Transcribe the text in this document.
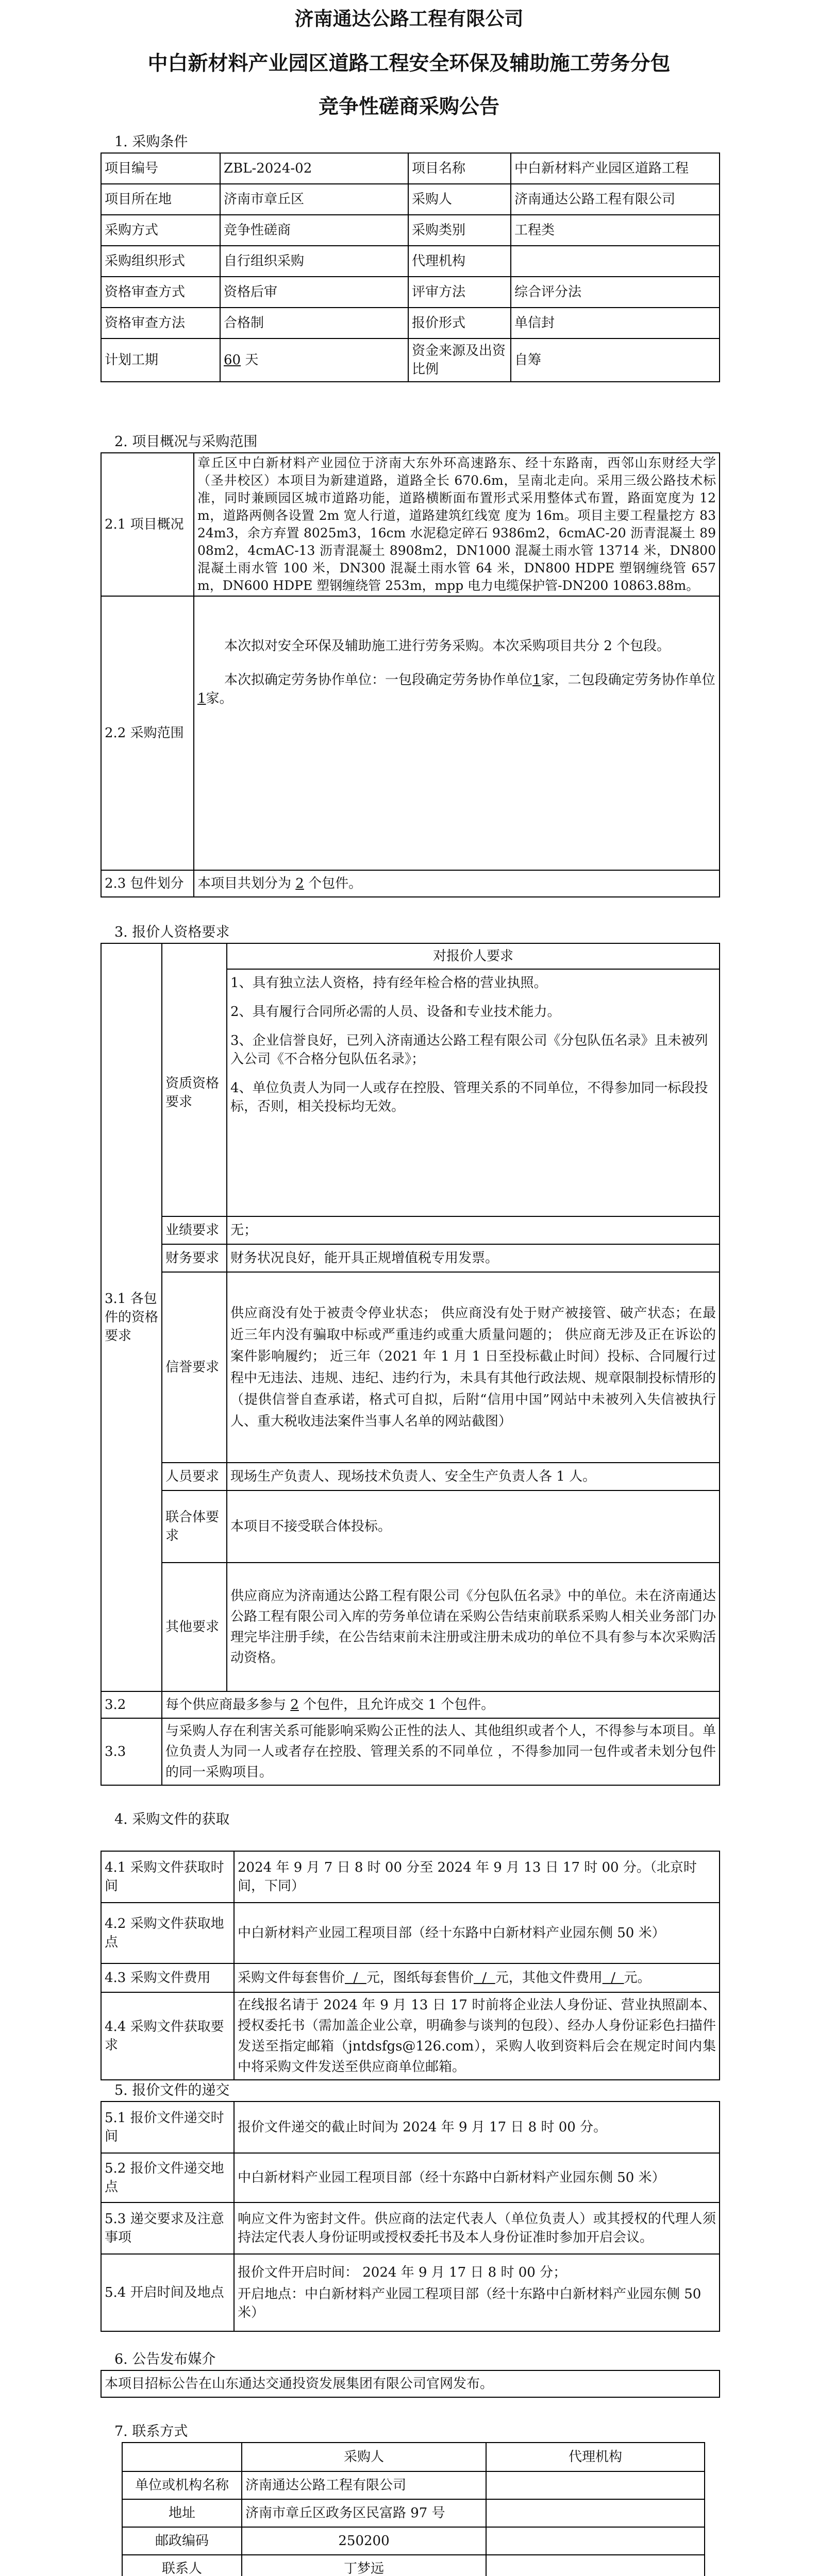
济南通达公路工程有限公司

中白新材料产业园区道路工程安全环保及辅助施工劳务分包

竞争性磋商采购公告

1. 采购条件

项目编号	ZBL-2024-02	项目名称	中白新材料产业园区道路工程
项目所在地	济南市章丘区	采购人	济南通达公路工程有限公司
采购方式	竞争性磋商	采购类别	工程类
采购组织形式	自行组织采购	代理机构	
资格审查方式	资格后审	评审方法	综合评分法
资格审查方法	合格制	报价形式	单信封
计划工期	60 天	资金来源及出资比例	自筹

2. 项目概况与采购范围

2.1 项目概况	章丘区中白新材料产业园位于济南大东外环高速路东、经十东路南，西邻山东财经大学 （圣井校区）本项目为新建道路，道路全长 670.6m，呈南北走向。采用三级公路技术标准，同时兼顾园区城市道路功能，道路横断面布置形式采用整体式布置，路面宽度为 12m，道路两侧各设置 2m 宽人行道，道路建筑红线宽 度为 16m。项目主要工程量挖方 8324m3，余方弃置 8025m3，16cm 水泥稳定碎石 9386m2，6cmAC-20 沥青混凝土 8908m2，4cmAC-13 沥青混凝土 8908m2，DN1000 混凝土雨水管 13714 米，DN800 混凝土雨水管 100 米，DN300 混凝土雨水管 64 米，DN800 HDPE 塑钢缠绕管 657m，DN600 HDPE 塑钢缠绕管 253m，mpp 电力电缆保护管-DN200 10863.88m。
2.2 采购范围	本次拟对安全环保及辅助施工进行劳务采购。本次采购项目共分 2 个包段。
本次拟确定劳务协作单位：一包段确定劳务协作单位1家，二包段确定劳务协作单位1家。

2.3 包件划分	本项目共划分为 2 个包件。

3. 报价人资格要求

3.1 各包件的资格要求		对报价人要求
	资质资格要求	1、具有独立法人资格，持有经年检合格的营业执照。
2、具有履行合同所必需的人员、设备和专业技术能力。
3、企业信誉良好，已列入济南通达公路工程有限公司《分包队伍名录》且未被列入公司《不合格分包队伍名录》；
4、单位负责人为同一人或存在控股、管理关系的不同单位，不得参加同一标段投标，否则，相关投标均无效。

	业绩要求	无；
	财务要求	财务状况良好，能开具正规增值税专用发票。
	信誉要求	供应商没有处于被责令停业状态； 供应商没有处于财产被接管、破产状态；在最近三年内没有骗取中标或严重违约或重大质量问题的； 供应商无涉及正在诉讼的案件影响履约； 近三年（2021 年 1 月 1 日至投标截止时间）投标、合同履行过程中无违法、违规、违纪、违约行为，未具有其他行政法规、规章限制投标情形的（提供信誉自查承诺，格式可自拟，后附“信用中国”网站中未被列入失信被执行人、重大税收违法案件当事人名单的网站截图）
	人员要求	现场生产负责人、现场技术负责人、安全生产负责人各 1 人。
	联合体要求	本项目不接受联合体投标。
	其他要求	供应商应为济南通达公路工程有限公司《分包队伍名录》中的单位。未在济南通达公路工程有限公司入库的劳务单位请在采购公告结束前联系采购人相关业务部门办理完毕注册手续，在公告结束前未注册或注册未成功的单位不具有参与本次采购活动资格。
3.2	每个供应商最多参与 2 个包件，且允许成交 1 个包件。	
3.3	与采购人存在利害关系可能影响采购公正性的法人、其他组织或者个人，不得参与本项目。单位负责人为同一人或者存在控股、管理关系的不同单位 ，不得参加同一包件或者未划分包件的同一采购项目。	

4. 采购文件的获取

4.1 采购文件获取时间	2024 年 9 月 7 日 8 时 00 分至 2024 年 9 月 13 日 17 时 00 分。（北京时间，下同）
4.2 采购文件获取地点	中白新材料产业园工程项目部（经十东路中白新材料产业园东侧 50 米）
4.3 采购文件费用	采购文件每套售价 / 元，图纸每套售价 / 元，其他文件费用 / 元。
4.4 采购文件获取要求	在线报名请于 2024 年 9 月 13 日 17 时前将企业法人身份证、营业执照副本、授权委托书（需加盖企业公章，明确参与谈判的包段）、经办人身份证彩色扫描件发送至指定邮箱（jntdsfgs@126.com），采购人收到资料后会在规定时间内集中将采购文件发送至供应商单位邮箱。

5. 报价文件的递交

5.1 报价文件递交时间	报价文件递交的截止时间为 2024 年 9 月 17 日 8 时 00 分。
5.2 报价文件递交地点	中白新材料产业园工程项目部（经十东路中白新材料产业园东侧 50 米）
5.3 递交要求及注意事项	响应文件为密封文件。供应商的法定代表人（单位负责人）或其授权的代理人须持法定代表人身份证明或授权委托书及本人身份证准时参加开启会议。
5.4 开启时间及地点	报价文件开启时间： 2024 年 9 月 17 日 8 时 00 分；
开启地点：中白新材料产业园工程项目部（经十东路中白新材料产业园东侧 50 米）

6. 公告发布媒介

本项目招标公告在山东通达交通投资发展集团有限公司官网发布。

7. 联系方式

	采购人	代理机构
单位或机构名称	济南通达公路工程有限公司	
地址	济南市章丘区政务区民富路 97 号	
邮政编码	250200	
联系人	丁梦远	
